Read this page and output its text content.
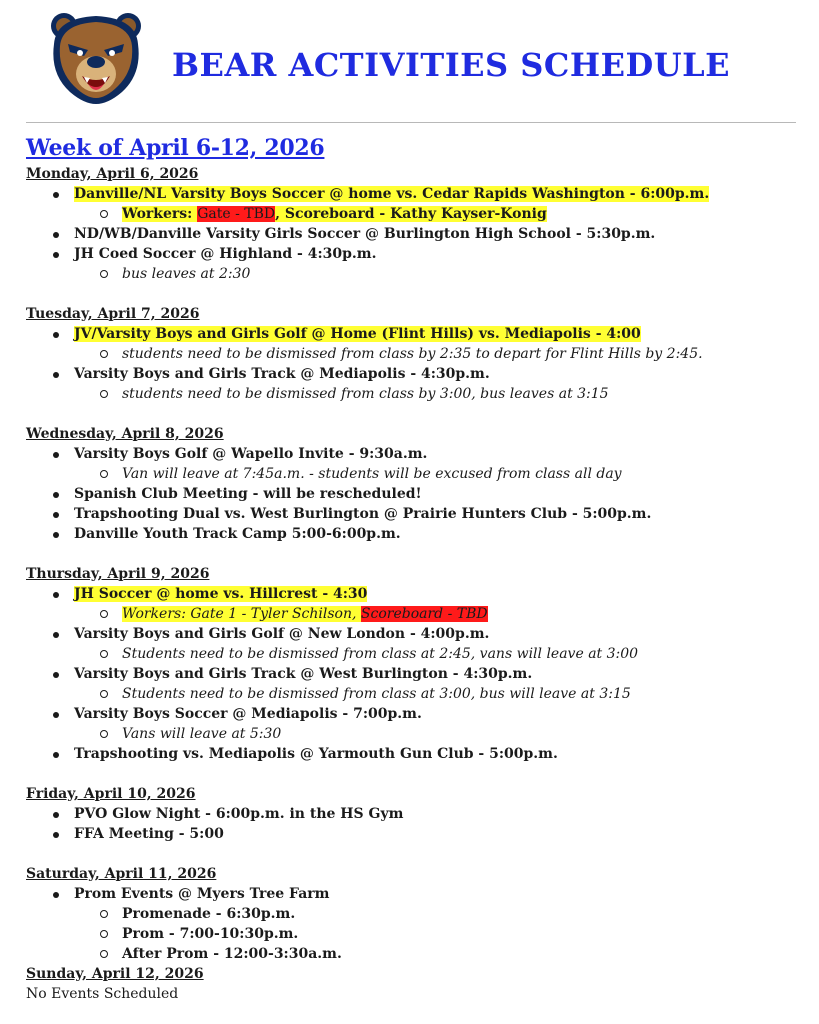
BEAR ACTIVITIES SCHEDULE
Week of April 6-12, 2026
Monday, April 6, 2026
Danville/NL Varsity Boys Soccer @ home vs. Cedar Rapids Washington - 6:00p.m.
Workers: Gate - TBD, Scoreboard - Kathy Kayser-Konig
ND/WB/Danville Varsity Girls Soccer @ Burlington High School - 5:30p.m.
JH Coed Soccer @ Highland - 4:30p.m.
bus leaves at 2:30
Tuesday, April 7, 2026
JV/Varsity Boys and Girls Golf @ Home (Flint Hills) vs. Mediapolis - 4:00
students need to be dismissed from class by 2:35 to depart for Flint Hills by 2:45.
Varsity Boys and Girls Track @ Mediapolis - 4:30p.m.
students need to be dismissed from class by 3:00, bus leaves at 3:15
Wednesday, April 8, 2026
Varsity Boys Golf @ Wapello Invite - 9:30a.m.
Van will leave at 7:45a.m. - students will be excused from class all day
Spanish Club Meeting - will be rescheduled!
Trapshooting Dual vs. West Burlington @ Prairie Hunters Club - 5:00p.m.
Danville Youth Track Camp 5:00-6:00p.m.
Thursday, April 9, 2026
JH Soccer @ home vs. Hillcrest - 4:30
Workers: Gate 1 - Tyler Schilson, Scoreboard - TBD
Varsity Boys and Girls Golf @ New London - 4:00p.m.
Students need to be dismissed from class at 2:45, vans will leave at 3:00
Varsity Boys and Girls Track @ West Burlington - 4:30p.m.
Students need to be dismissed from class at 3:00, bus will leave at 3:15
Varsity Boys Soccer @ Mediapolis - 7:00p.m.
Vans will leave at 5:30
Trapshooting vs. Mediapolis @ Yarmouth Gun Club - 5:00p.m.
Friday, April 10, 2026
PVO Glow Night - 6:00p.m. in the HS Gym
FFA Meeting - 5:00
Saturday, April 11, 2026
Prom Events @ Myers Tree Farm
Promenade - 6:30p.m.
Prom - 7:00-10:30p.m.
After Prom - 12:00-3:30a.m.
Sunday, April 12, 2026
No Events Scheduled
